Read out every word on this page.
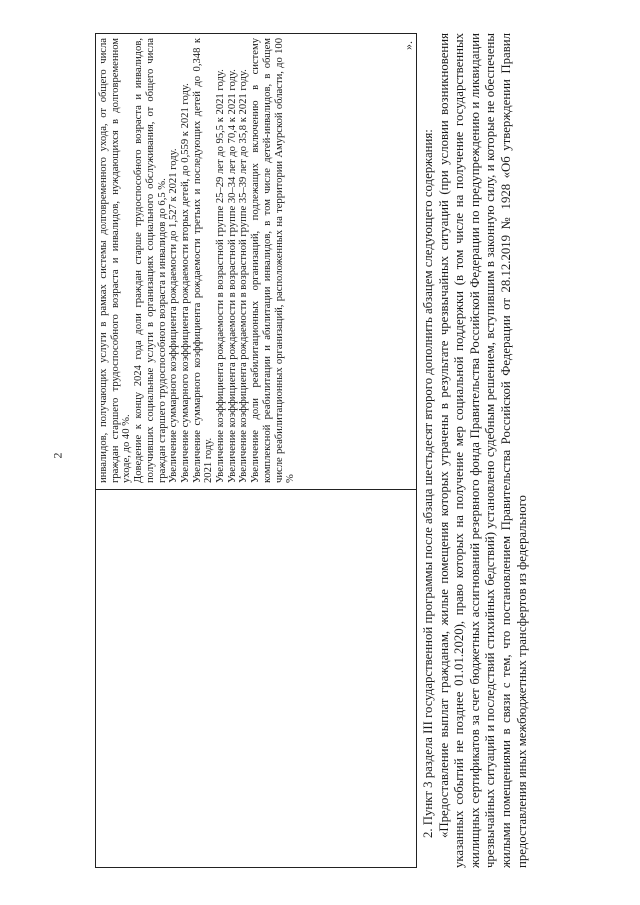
2	инвалидов, получающих услуги в рамках системы долговременного ухода, от общего числа граждан старшего трудоспособного возраста и инвалидов, нуждающихся в долговременном уходе, до 40 %. Доведение к концу 2024 года доли граждан старше трудоспособного возраста и инвалидов, получивших социальные услуги в организациях социального обслуживания, от общего числа граждан старшего трудоспособного возраста и инвалидов до 6,5 %. Увеличение суммарного коэффициента рождаемости до 1,527 к 2021 году. Увеличение суммарного коэффициента рождаемости вторых детей, до 0,559 к 2021 году. Увеличение суммарного коэффициента рождаемости третьих и последующих детей до 0,348 к 2021 году. Увеличение коэффициента рождаемости в возрастной группе 25–29 лет до 95,5 к 2021 году. Увеличение коэффициента рождаемости в возрастной группе 30–34 лет до 70,4 к 2021 году. Увеличение коэффициента рождаемости в возрастной группе 35–39 лет до 35,8 к 2021 году. Увеличение доли реабилитационных организаций, подлежащих включению в систему комплексной реабилитации и абилитации инвалидов, в том числе детей-инвалидов, в общем числе реабилитационных организаций, расположенных на территории Амурской области, до 100 %

».

2. Пункт 3 раздела III государственной программы после абзаца шестьдесят второго дополнить абзацем следующего содержания: «Предоставление выплат гражданам, жилые помещения которых утрачены в результате чрезвычайных ситуаций (при условии возникновения указанных событий не позднее 01.01.2020), право которых на получение мер социальной поддержки (в том числе на получение государственных жилищных сертификатов за счет бюджетных ассигнований резервного фонда Правительства Российской Федерации по предупреждению и ликвидации чрезвычайных ситуаций и последствий стихийных бедствий) установлено судебным решением, вступившим в законную силу, и которые не обеспечены жилыми помещениями в связи с тем, что постановлением Правительства Российской Федерации от 28.12.2019 № 1928 «Об утверждении Правил предоставления иных межбюджетных трансфертов из федерального
